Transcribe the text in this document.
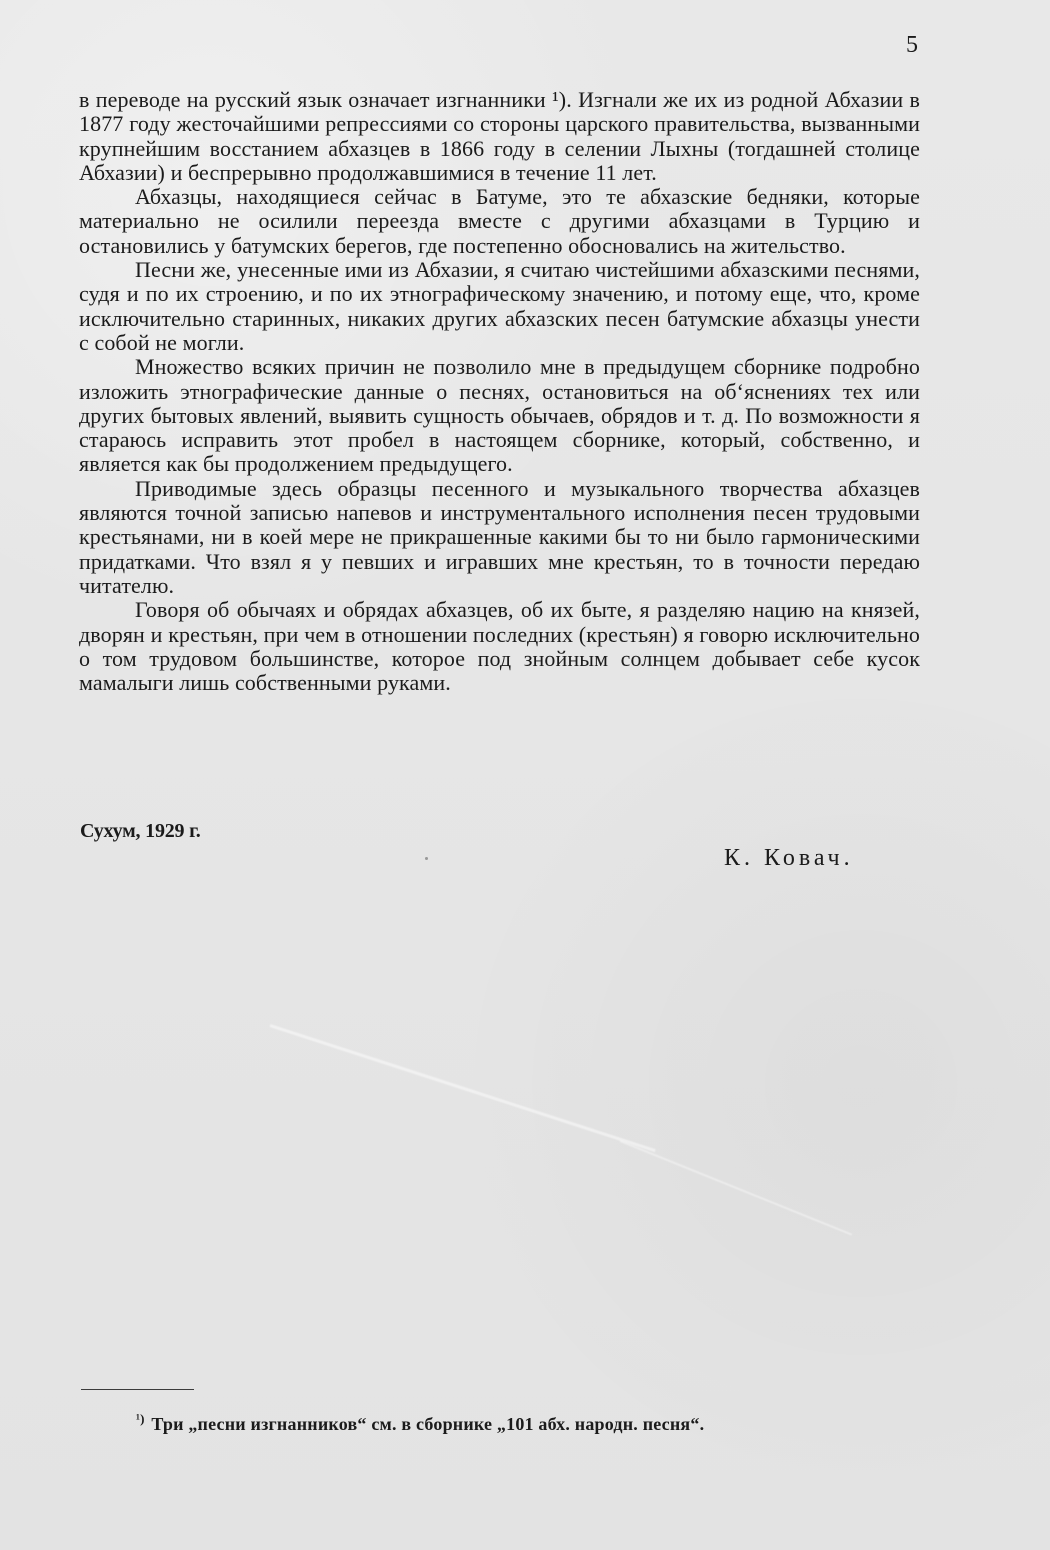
5

в переводе на русский язык означает изгнанники ¹). Изгнали же их из родной Абхазии в 1877 году жесточайшими репрессиями со стороны царского правительства, вызванными крупнейшим восстанием абхазцев в 1866 году в селении Лыхны (тогдашней столице Абхазии) и беспрерывно продолжавшимися в течение 11 лет.

Абхазцы, находящиеся сейчас в Батуме, это те абхазские бедняки, которые материально не осилили переезда вместе с другими абхазцами в Турцию и остановились у батумских берегов, где постепенно обосновались на жительство.

Песни же, унесенные ими из Абхазии, я считаю чистейшими абхазскими песнями, судя и по их строению, и по их этнографическому значению, и потому еще, что, кроме исключительно старинных, никаких других абхазских песен батумские абхазцы унести с собой не могли.

Множество всяких причин не позволило мне в предыдущем сборнике подробно изложить этнографические данные о песнях, остановиться на об‘яснениях тех или других бытовых явлений, выявить сущность обычаев, обрядов и т. д. По возможности я стараюсь исправить этот пробел в настоящем сборнике, который, собственно, и является как бы продолжением предыдущего.

Приводимые здесь образцы песенного и музыкального творчества абхазцев являются точной записью напевов и инструментального исполнения песен трудовыми крестьянами, ни в коей мере не прикрашенные какими бы то ни было гармоническими придатками. Что взял я у певших и игравших мне крестьян, то в точности передаю читателю.

Говоря об обычаях и обрядах абхазцев, об их быте, я разделяю нацию на князей, дворян и крестьян, при чем в отношении последних (крестьян) я говорю исключительно о том трудовом большинстве, которое под знойным солнцем добывает себе кусок мамалыги лишь собственными руками.

Сухум, 1929 г.
К. Ковач.
$^{^1)}$ Три „песни изгнанников“ см. в сборнике „101 абх. народн. песня“.
